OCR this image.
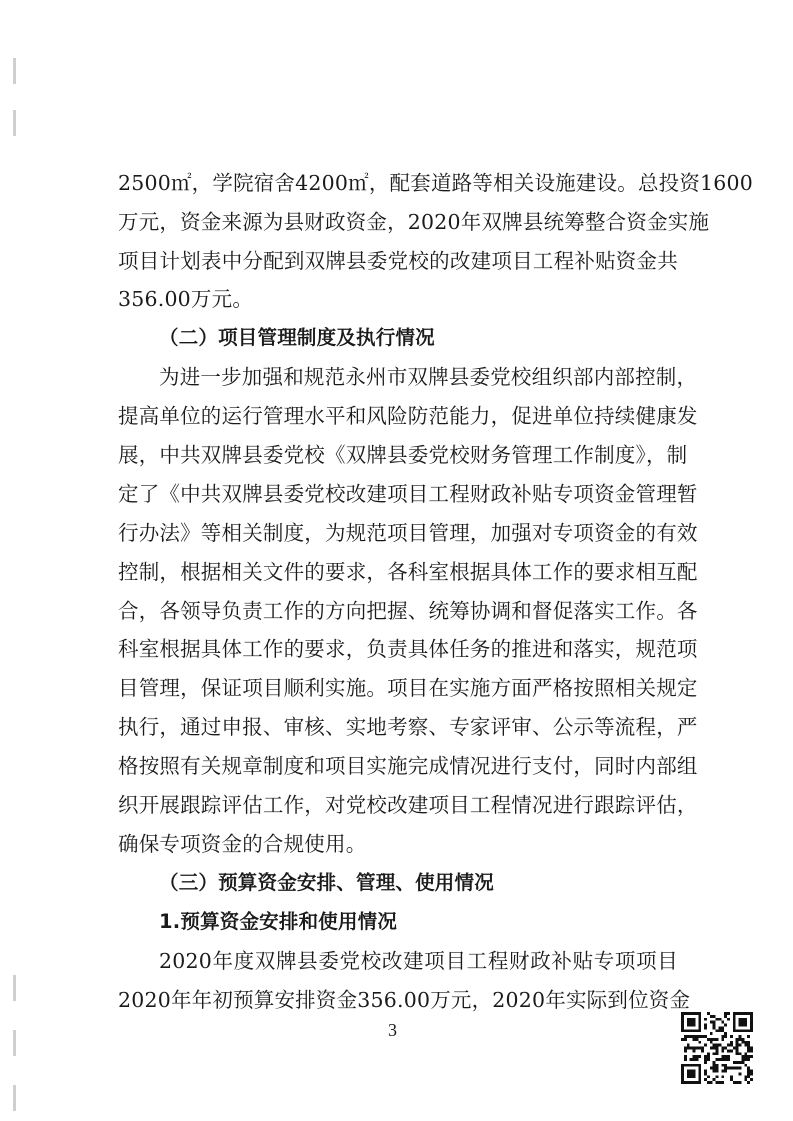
2500㎡，学院宿舍4200㎡，配套道路等相关设施建设。总投资1600
万元，资金来源为县财政资金，2020年双牌县统筹整合资金实施
项目计划表中分配到双牌县委党校的改建项目工程补贴资金共
356.00万元。
（二）项目管理制度及执行情况
为进一步加强和规范永州市双牌县委党校组织部内部控制，
提高单位的运行管理水平和风险防范能力，促进单位持续健康发
展，中共双牌县委党校《双牌县委党校财务管理工作制度》，制
定了《中共双牌县委党校改建项目工程财政补贴专项资金管理暂
行办法》等相关制度，为规范项目管理，加强对专项资金的有效
控制，根据相关文件的要求，各科室根据具体工作的要求相互配
合，各领导负责工作的方向把握、统筹协调和督促落实工作。各
科室根据具体工作的要求，负责具体任务的推进和落实，规范项
目管理，保证项目顺利实施。项目在实施方面严格按照相关规定
执行，通过申报、审核、实地考察、专家评审、公示等流程，严
格按照有关规章制度和项目实施完成情况进行支付，同时内部组
织开展跟踪评估工作，对党校改建项目工程情况进行跟踪评估，
确保专项资金的合规使用。
（三）预算资金安排、管理、使用情况
1.预算资金安排和使用情况
2020年度双牌县委党校改建项目工程财政补贴专项项目
2020年年初预算安排资金356.00万元，2020年实际到位资金
3
